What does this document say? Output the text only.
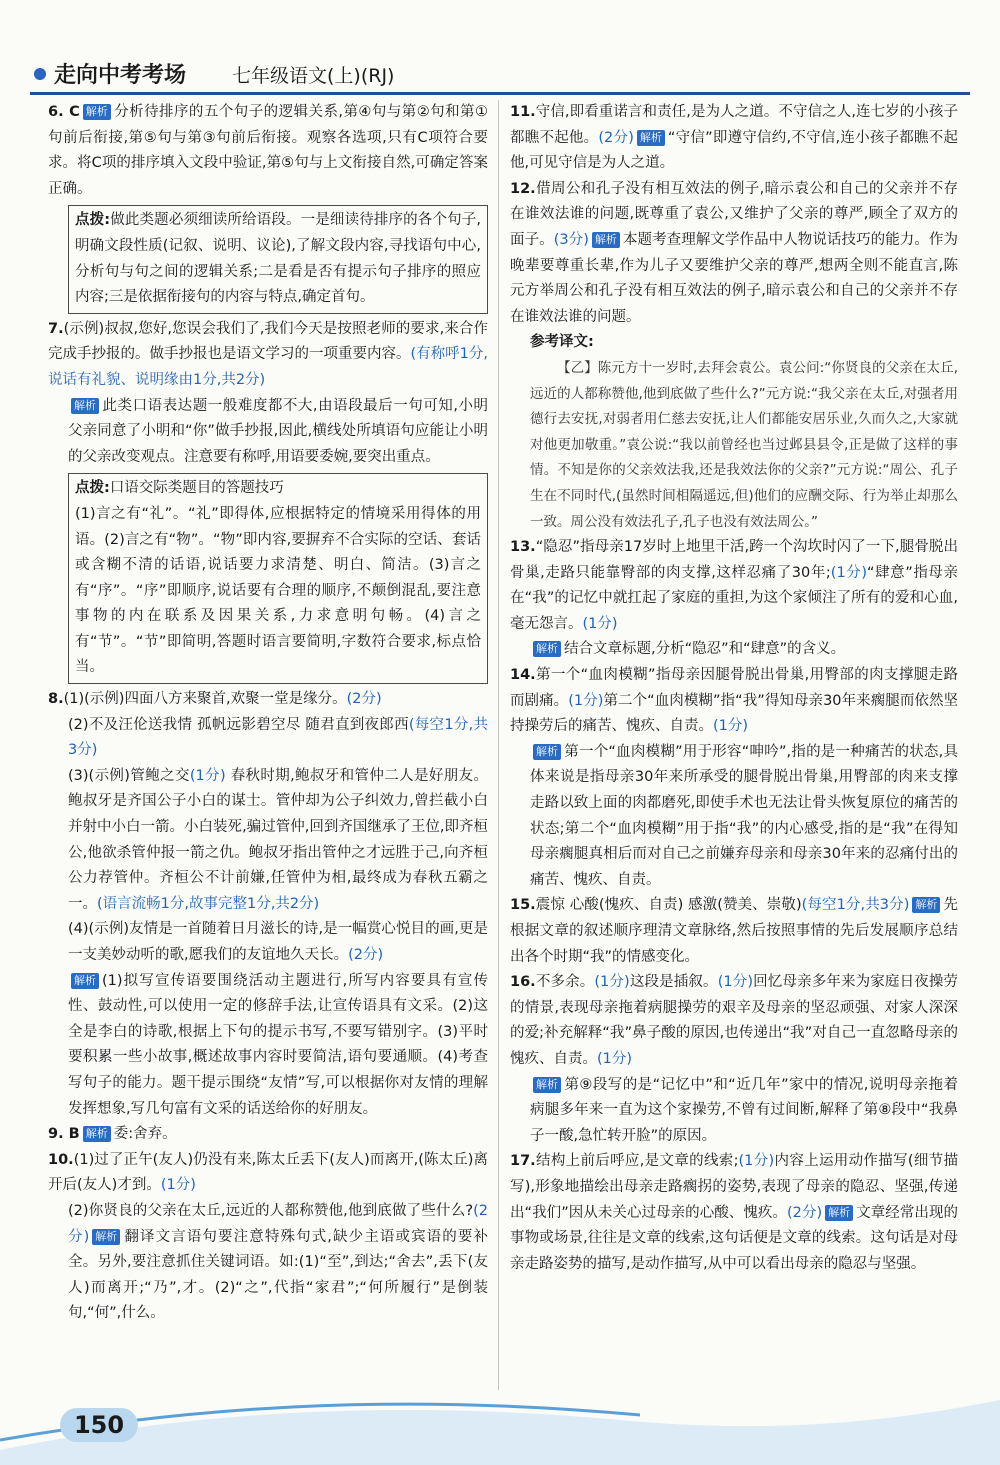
走向中考考场 七年级语文(上)(RJ)

6. C 解析 分析待排序的五个句子的逻辑关系,第④句与第②句和第①句前后衔接,第⑤句与第③句前后衔接。观察各选项,只有C项符合要求。将C项的排序填入文段中验证,第⑤句与上文衔接自然,可确定答案正确。

点拨:做此类题必须细读所给语段。一是细读待排序的各个句子,明确文段性质(记叙、说明、议论),了解文段内容,寻找语句中心,分析句与句之间的逻辑关系;二是看是否有提示句子排序的照应内容;三是依据衔接句的内容与特点,确定首句。

7.(示例)叔叔,您好,您误会我们了,我们今天是按照老师的要求,来合作完成手抄报的。做手抄报也是语文学习的一项重要内容。(有称呼1分,说话有礼貌、说明缘由1分,共2分)

解析 此类口语表达题一般难度都不大,由语段最后一句可知,小明父亲同意了小明和“你”做手抄报,因此,横线处所填语句应能让小明的父亲改变观点。注意要有称呼,用语要委婉,要突出重点。

点拨:口语交际类题目的答题技巧

(1)言之有“礼”。“礼”即得体,应根据特定的情境采用得体的用语。(2)言之有“物”。“物”即内容,要摒弃不合实际的空话、套话或含糊不清的话语,说话要力求清楚、明白、简洁。(3)言之有“序”。“序”即顺序,说话要有合理的顺序,不颠倒混乱,要注意事物的内在联系及因果关系,力求意明句畅。(4)言之有“节”。“节”即简明,答题时语言要简明,字数符合要求,标点恰当。

8.(1)(示例)四面八方来聚首,欢聚一堂是缘分。(2分)

(2)不及汪伦送我情 孤帆远影碧空尽 随君直到夜郎西(每空1分,共3分)

(3)(示例)管鲍之交(1分) 春秋时期,鲍叔牙和管仲二人是好朋友。鲍叔牙是齐国公子小白的谋士。管仲却为公子纠效力,曾拦截小白并射中小白一箭。小白装死,骗过管仲,回到齐国继承了王位,即齐桓公,他欲杀管仲报一箭之仇。鲍叔牙指出管仲之才远胜于己,向齐桓公力荐管仲。齐桓公不计前嫌,任管仲为相,最终成为春秋五霸之一。(语言流畅1分,故事完整1分,共2分)

(4)(示例)友情是一首随着日月滋长的诗,是一幅赏心悦目的画,更是一支美妙动听的歌,愿我们的友谊地久天长。(2分)

解析 (1)拟写宣传语要围绕活动主题进行,所写内容要具有宣传性、鼓动性,可以使用一定的修辞手法,让宣传语具有文采。(2)这全是李白的诗歌,根据上下句的提示书写,不要写错别字。(3)平时要积累一些小故事,概述故事内容时要简洁,语句要通顺。(4)考查写句子的能力。题干提示围绕“友情”写,可以根据你对友情的理解发挥想象,写几句富有文采的话送给你的好朋友。

9. B 解析 委:舍弃。

10.(1)过了正午(友人)仍没有来,陈太丘丢下(友人)而离开,(陈太丘)离开后(友人)才到。(1分)

(2)你贤良的父亲在太丘,远近的人都称赞他,他到底做了些什么?(2分) 解析 翻译文言语句要注意特殊句式,缺少主语或宾语的要补全。另外,要注意抓住关键词语。如:(1)“至”,到达;“舍去”,丢下(友人)而离开;“乃”,才。(2)“之”,代指“家君”;“何所履行”是倒装句,“何”,什么。

11.守信,即看重诺言和责任,是为人之道。不守信之人,连七岁的小孩子都瞧不起他。(2分) 解析 “守信”即遵守信约,不守信,连小孩子都瞧不起他,可见守信是为人之道。

12.借周公和孔子没有相互效法的例子,暗示袁公和自己的父亲并不存在谁效法谁的问题,既尊重了袁公,又维护了父亲的尊严,顾全了双方的面子。(3分) 解析 本题考查理解文学作品中人物说话技巧的能力。作为晚辈要尊重长辈,作为儿子又要维护父亲的尊严,想两全则不能直言,陈元方举周公和孔子没有相互效法的例子,暗示袁公和自己的父亲并不存在谁效法谁的问题。

参考译文:

【乙】陈元方十一岁时,去拜会袁公。袁公问:“你贤良的父亲在太丘,远近的人都称赞他,他到底做了些什么?”元方说:“我父亲在太丘,对强者用德行去安抚,对弱者用仁慈去安抚,让人们都能安居乐业,久而久之,大家就对他更加敬重。”袁公说:“我以前曾经也当过邺县县令,正是做了这样的事情。不知是你的父亲效法我,还是我效法你的父亲?”元方说:“周公、孔子生在不同时代,(虽然时间相隔遥远,但)他们的应酬交际、行为举止却那么一致。周公没有效法孔子,孔子也没有效法周公。”

13.“隐忍”指母亲17岁时上地里干活,跨一个沟坎时闪了一下,腿骨脱出骨巢,走路只能靠臀部的肉支撑,这样忍痛了30年;(1分)“肆意”指母亲在“我”的记忆中就扛起了家庭的重担,为这个家倾注了所有的爱和心血,毫无怨言。(1分)

解析 结合文章标题,分析“隐忍”和“肆意”的含义。

14.第一个“血肉模糊”指母亲因腿骨脱出骨巢,用臀部的肉支撑腿走路而剧痛。(1分)第二个“血肉模糊”指“我”得知母亲30年来瘸腿而依然坚持操劳后的痛苦、愧疚、自责。(1分)

解析 第一个“血肉模糊”用于形容“呻吟”,指的是一种痛苦的状态,具体来说是指母亲30年来所承受的腿骨脱出骨巢,用臀部的肉来支撑走路以致上面的肉都磨死,即使手术也无法让骨头恢复原位的痛苦的状态;第二个“血肉模糊”用于指“我”的内心感受,指的是“我”在得知母亲瘸腿真相后而对自己之前嫌弃母亲和母亲30年来的忍痛付出的痛苦、愧疚、自责。

15.震惊 心酸(愧疚、自责) 感激(赞美、崇敬)(每空1分,共3分) 解析 先根据文章的叙述顺序理清文章脉络,然后按照事情的先后发展顺序总结出各个时期“我”的情感变化。

16.不多余。(1分)这段是插叙。(1分)回忆母亲多年来为家庭日夜操劳的情景,表现母亲拖着病腿操劳的艰辛及母亲的坚忍顽强、对家人深深的爱;补充解释“我”鼻子酸的原因,也传递出“我”对自己一直忽略母亲的愧疚、自责。(1分)

解析 第⑨段写的是“记忆中”和“近几年”家中的情况,说明母亲拖着病腿多年来一直为这个家操劳,不曾有过间断,解释了第⑧段中“我鼻子一酸,急忙转开脸”的原因。

17.结构上前后呼应,是文章的线索;(1分)内容上运用动作描写(细节描写),形象地描绘出母亲走路瘸拐的姿势,表现了母亲的隐忍、坚强,传递出“我们”因从未关心过母亲的心酸、愧疚。(2分) 解析 文章经常出现的事物或场景,往往是文章的线索,这句话便是文章的线索。这句话是对母亲走路姿势的描写,是动作描写,从中可以看出母亲的隐忍与坚强。

150
